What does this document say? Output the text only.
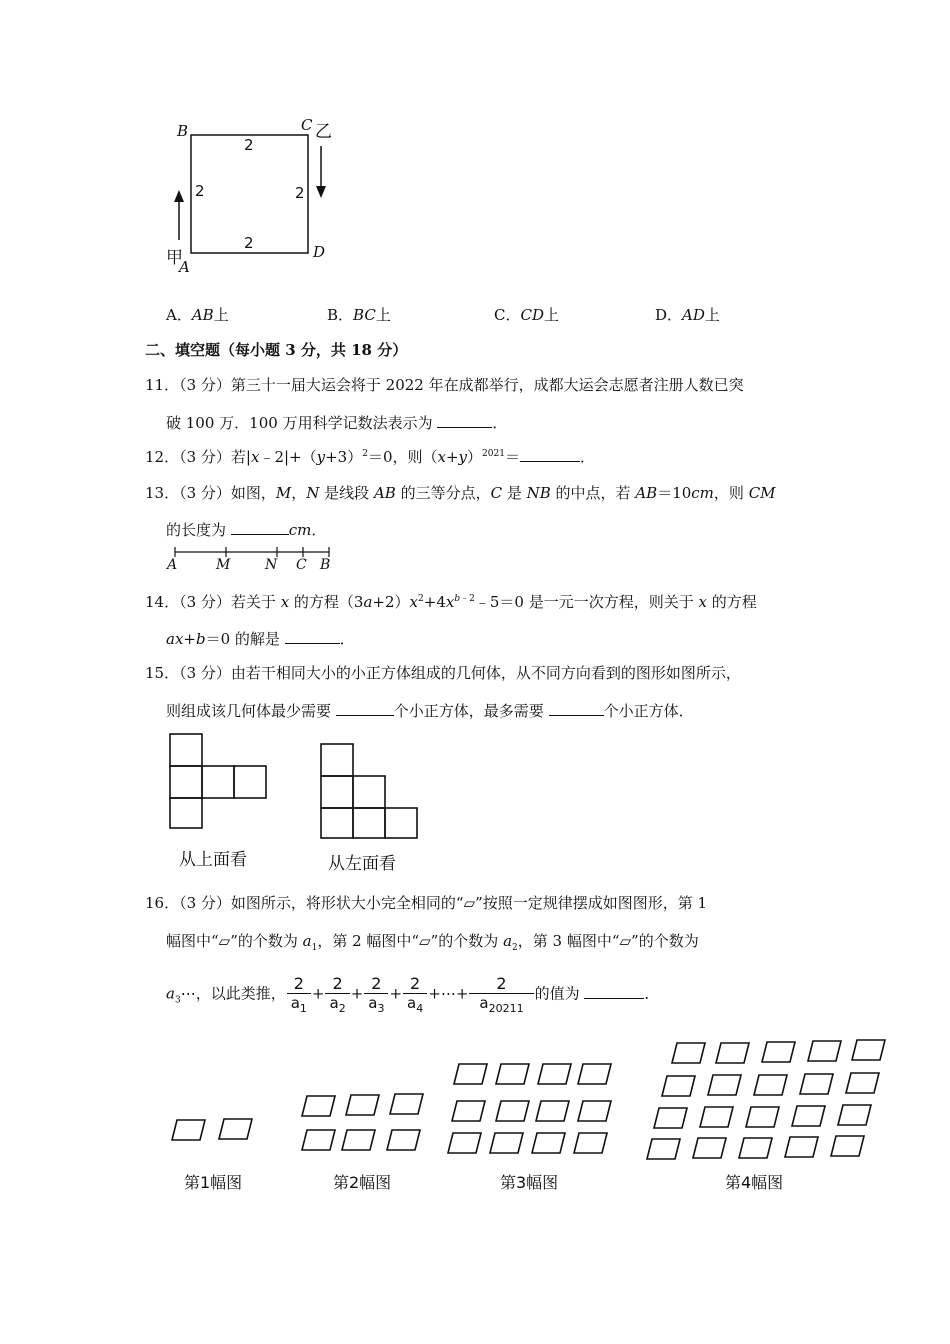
B	C 乙
A
甲	D
2
2
2	2
A．AB上	B．BC上	C．CD上	D．AD上
二、填空题（每小题 3 分，共 18 分）
11．（3 分）第三十一届大运会将于 2022 年在成都举行，成都大运会志愿者注册人数已突
破 100 万．100 万用科学记数法表示为	．
12．（3 分）若$|x﹣2|+(y+3)^2=0$，则$(x+y)^{2021}=$	．
13．（3 分）如图，M，N 是线段 AB 的三等分点，C 是 NB 的中点，若 AB＝10cm，则 CM
的长度为	cm．
A	M N C B
14．（3 分）若关于 x 的方程$(3a+2)x^2+4x^{b﹣2}﹣5=0$ 是一元一次方程，则关于 x 的方程
ax+b＝0 的解是	．
15．（3 分）由若干相同大小的小正方体组成的几何体，从不同方向看到的图形如图所示，
则组成该几何体最少需要	个小正方体，最多需要	个小正方体．
从上面看	从左面看
16．（3 分）如图所示，将形状大小完全相同的“▱”按照一定规律摆成如图图形，第 1
幅图中“▱”的个数为 $a_1$，第 2 幅图中“▱”的个数为 $a_2$，第 3 幅图中“▱”的个数为
$a_3\cdots$，以此类推， $\frac{2}{a_1} + \frac{2}{a_2} + \frac{2}{a_3} + \frac{2}{a_4}$ +⋯+ $\frac{2}{a_{20211}}$ 的值为	．
第1幅图	第2幅图	第3幅图	第4幅图
